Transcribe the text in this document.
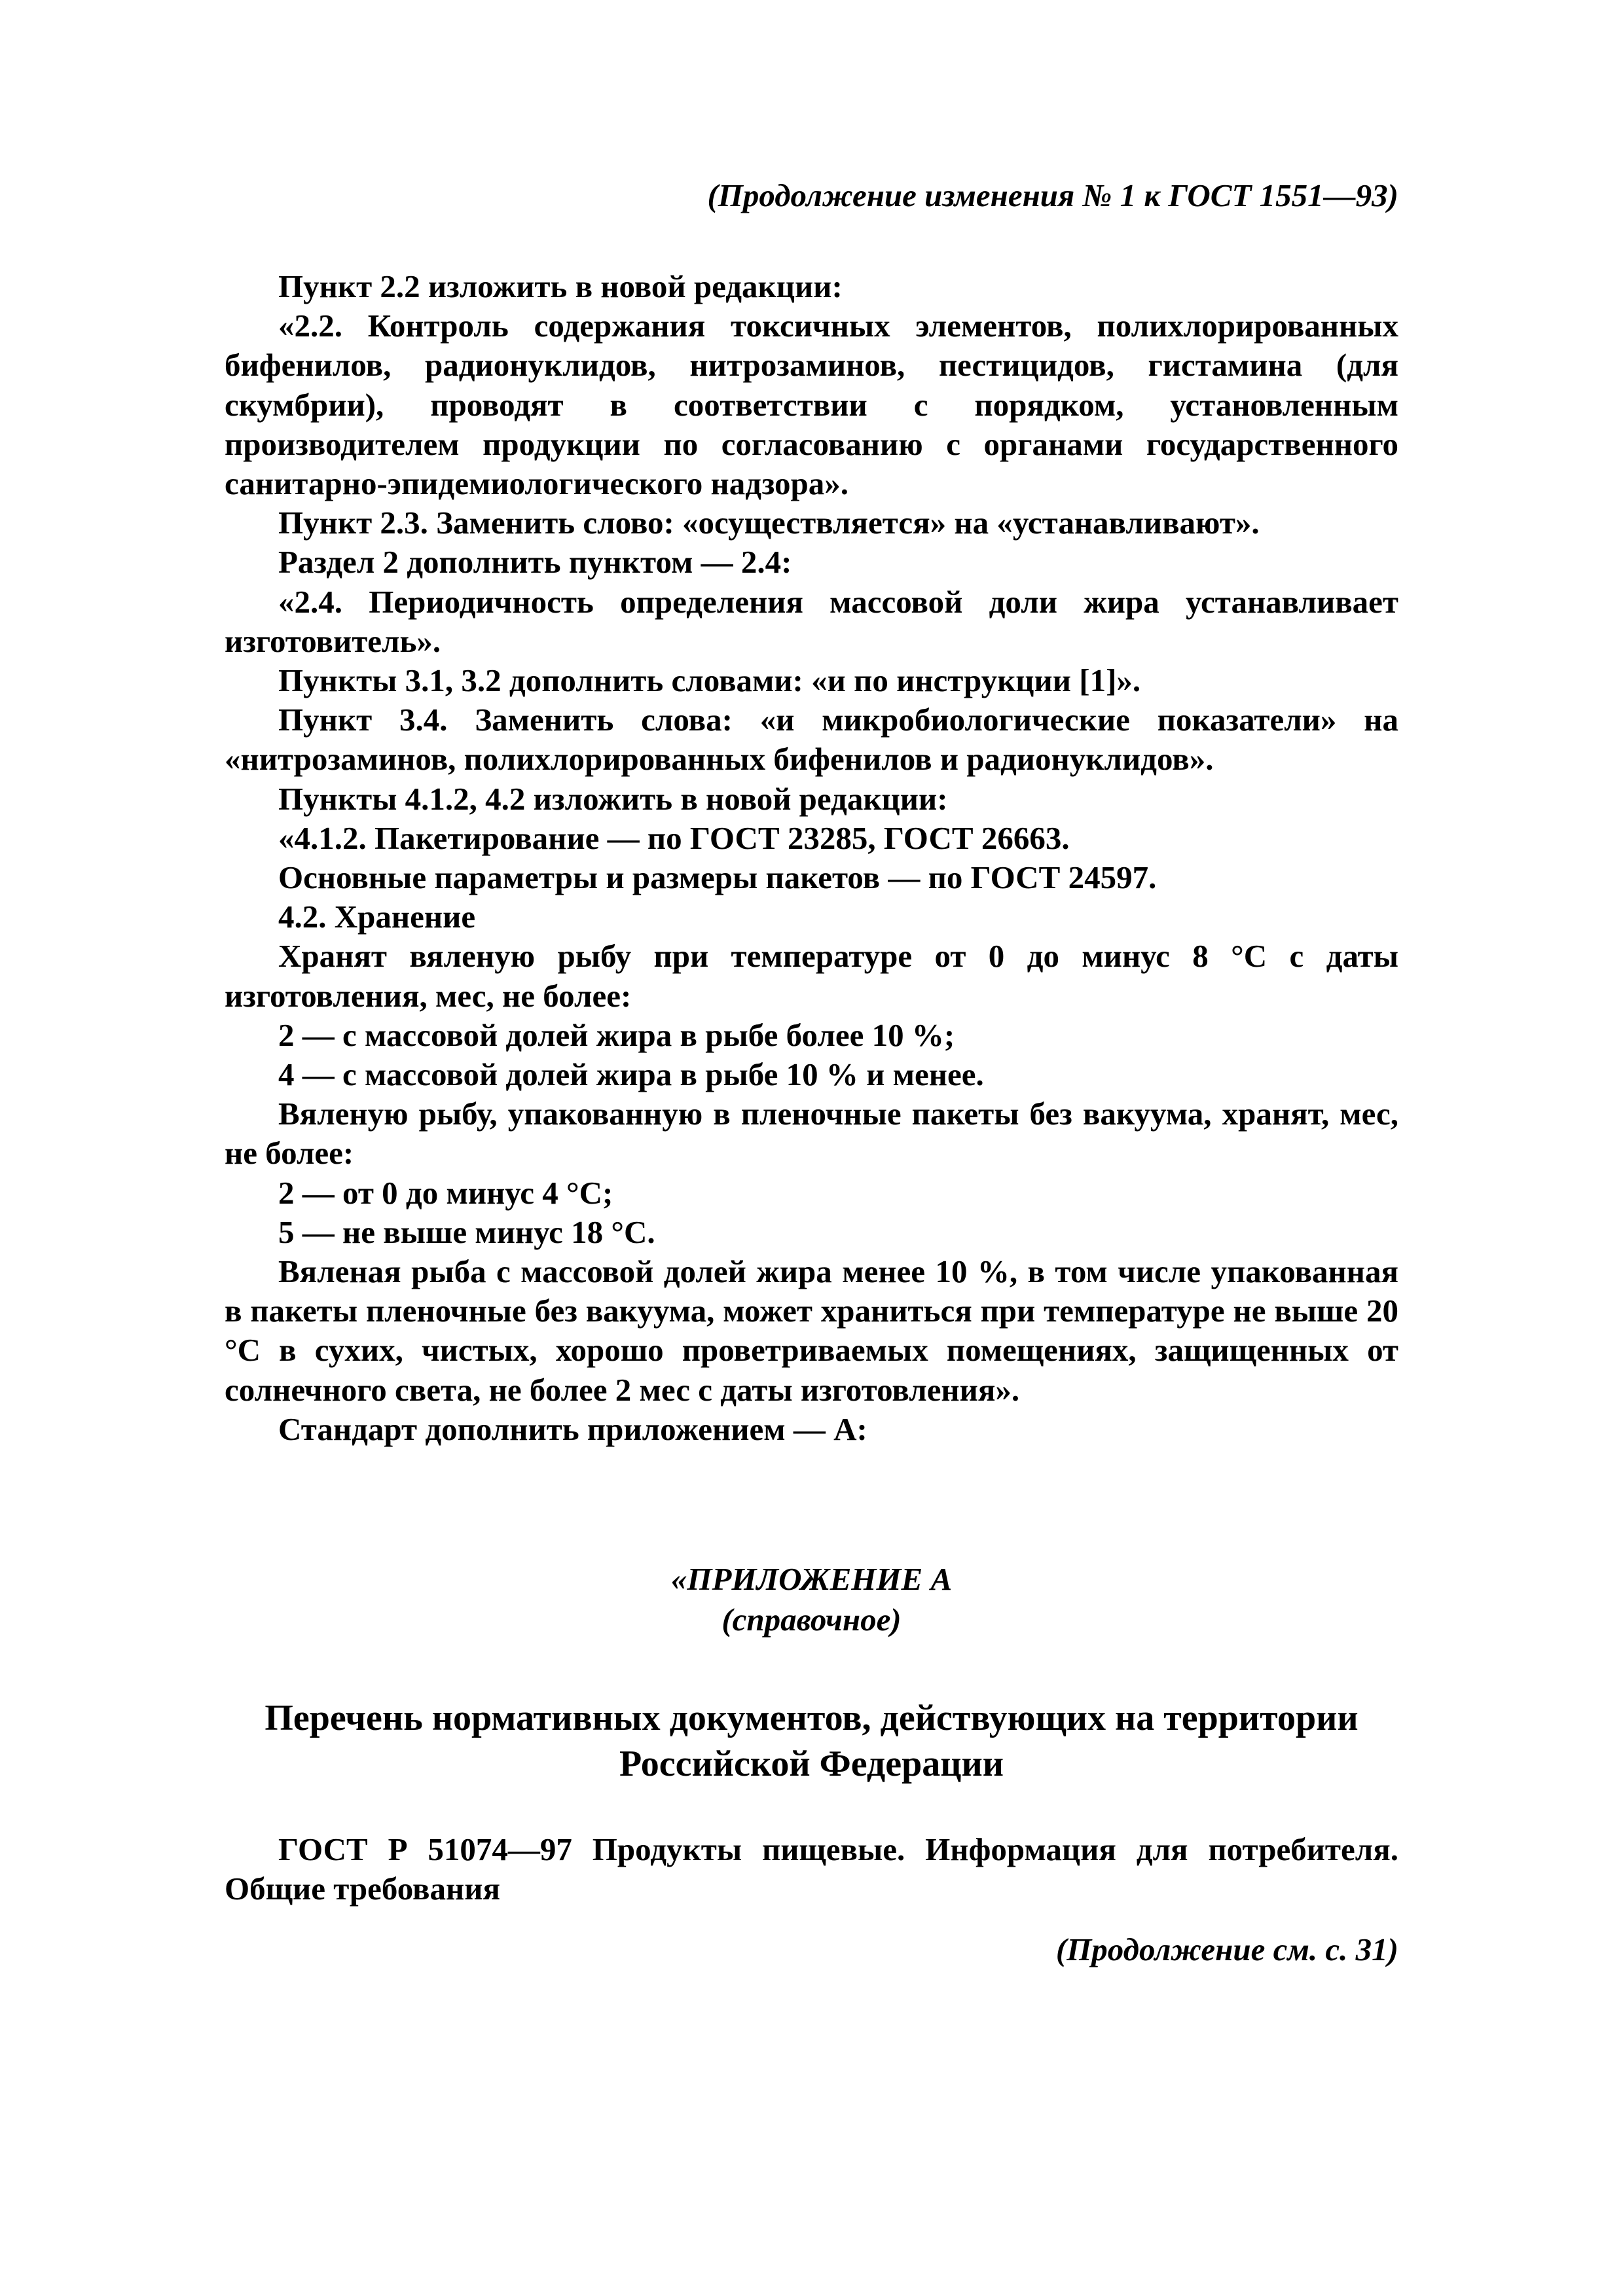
(Продолжение изменения № 1 к ГОСТ 1551—93)

Пункт 2.2 изложить в новой редакции:

«2.2. Контроль содержания токсичных элементов, полихлорированных бифенилов, радионуклидов, нитрозаминов, пестицидов, гистамина (для скумбрии), проводят в соответствии с порядком, установленным производителем продукции по согласованию с органами государственного санитарно-эпидемиологического надзора».

Пункт 2.3. Заменить слово: «осуществляется» на «устанавливают».

Раздел 2 дополнить пунктом — 2.4:

«2.4. Периодичность определения массовой доли жира устанавливает изготовитель».

Пункты 3.1, 3.2 дополнить словами: «и по инструкции [1]».

Пункт 3.4. Заменить слова: «и микробиологические показатели» на «нитрозаминов, полихлорированных бифенилов и радионуклидов».

Пункты 4.1.2, 4.2 изложить в новой редакции:

«4.1.2. Пакетирование — по ГОСТ 23285, ГОСТ 26663.

Основные параметры и размеры пакетов — по ГОСТ 24597.

4.2. Хранение

Хранят вяленую рыбу при температуре от 0 до минус 8 °С с даты изготовления, мес, не более:

2 — с массовой долей жира в рыбе более 10 %;

4 — с массовой долей жира в рыбе 10 % и менее.

Вяленую рыбу, упакованную в пленочные пакеты без вакуума, хранят, мес, не более:

2 — от 0 до минус 4 °С;

5 — не выше минус 18 °С.

Вяленая рыба с массовой долей жира менее 10 %, в том числе упакованная в пакеты пленочные без вакуума, может храниться при температуре не выше 20 °С в сухих, чистых, хорошо проветриваемых помещениях, защищенных от солнечного света, не более 2 мес с даты изготовления».

Стандарт дополнить приложением — А:

«ПРИЛОЖЕНИЕ А

(справочное)

Перечень нормативных документов, действующих на территории Российской Федерации

ГОСТ Р 51074—97 Продукты пищевые. Информация для потребителя. Общие требования

(Продолжение см. с. 31)
